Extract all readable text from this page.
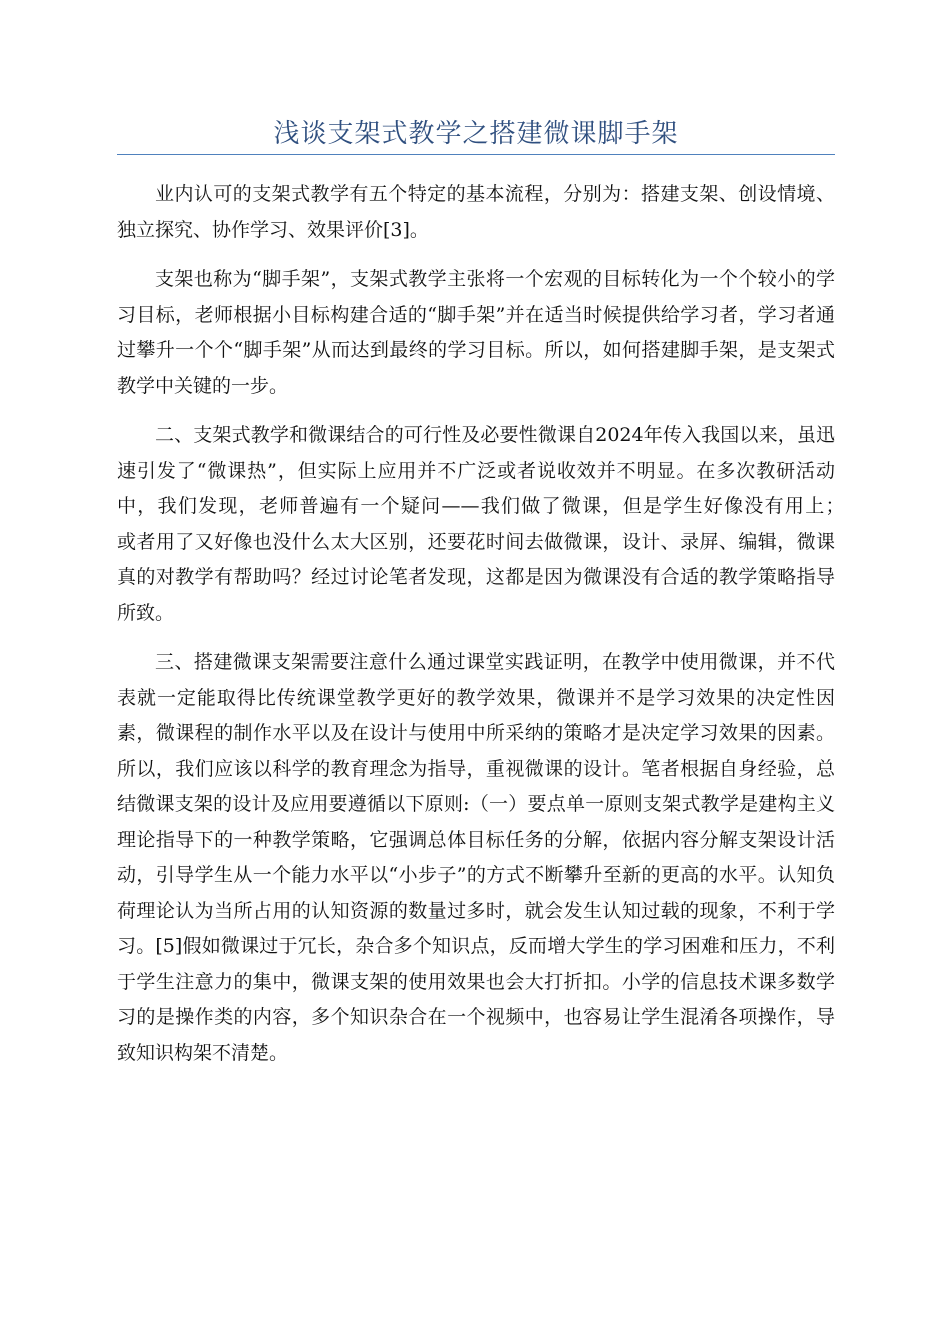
浅谈支架式教学之搭建微课脚手架

业内认可的支架式教学有五个特定的基本流程，分别为：搭建支架、创设情境、独立探究、协作学习、效果评价[3]。

支架也称为“脚手架”，支架式教学主张将一个宏观的目标转化为一个个较小的学习目标，老师根据小目标构建合适的“脚手架”并在适当时候提供给学习者，学习者通过攀升一个个“脚手架”从而达到最终的学习目标。所以，如何搭建脚手架，是支架式教学中关键的一步。

二、支架式教学和微课结合的可行性及必要性微课自2024年传入我国以来，虽迅速引发了“微课热”，但实际上应用并不广泛或者说收效并不明显。在多次教研活动中，我们发现，老师普遍有一个疑问——我们做了微课，但是学生好像没有用上；　　或者用了又好像也没什么太大区别，还要花时间去做微课，设计、录屏、编辑，微课真的对教学有帮助吗？经过讨论笔者发现，这都是因为微课没有合适的教学策略指导所致。

三、搭建微课支架需要注意什么通过课堂实践证明，在教学中使用微课，并不代表就一定能取得比传统课堂教学更好的教学效果，微课并不是学习效果的决定性因素，微课程的制作水平以及在设计与使用中所采纳的策略才是决定学习效果的因素。所以，我们应该以科学的教育理念为指导，重视微课的设计。笔者根据自身经验，总结微课支架的设计及应用要遵循以下原则:（一）要点单一原则支架式教学是建构主义理论指导下的一种教学策略，它强调总体目标任务的分解，依据内容分解支架设计活动，引导学生从一个能力水平以“小步子”的方式不断攀升至新的更高的水平。认知负荷理论认为当所占用的认知资源的数量过多时，就会发生认知过载的现象，不利于学习。[5]假如微课过于冗长，杂合多个知识点，反而增大学生的学习困难和压力，不利于学生注意力的集中，微课支架的使用效果也会大打折扣。小学的信息技术课多数学习的是操作类的内容，多个知识杂合在一个视频中，也容易让学生混淆各项操作，导致知识构架不清楚。
